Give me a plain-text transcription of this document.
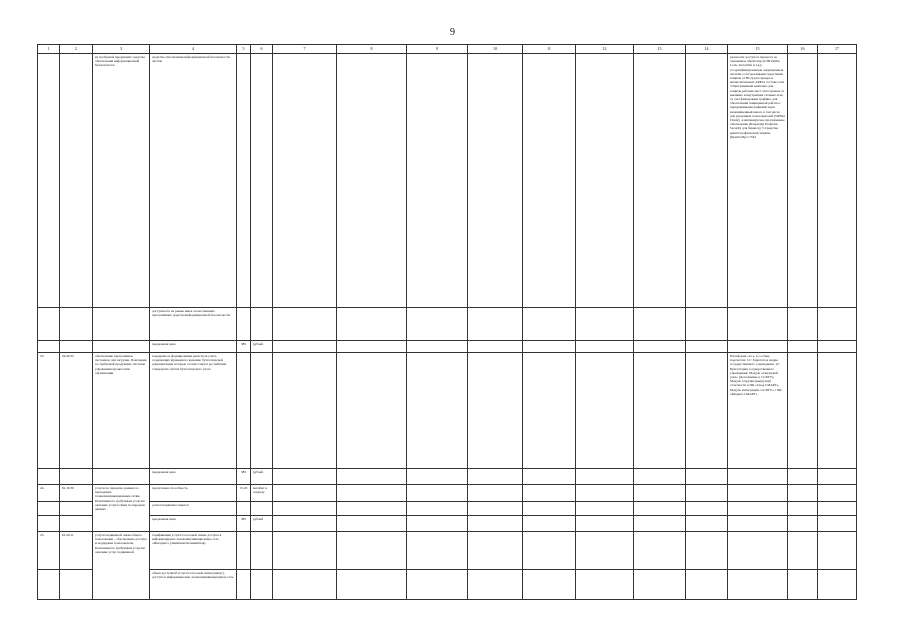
9
1	2	3	4	5	6	7	8	9	10	11	12	13	14	15	16	17
		из требуемой продукции: средства обеспечения информационной безопасности	средства обеспечения информационной безопасности систем											разовости доступа в процессе ее хранения и обработки (СЗИ Dallas Lock, SecretNet и т.д.); 2.Сертифицированная операционная система со встроенными средствами защиты от НСД для сервера и вычислительных АРМ в составе сети 3.Программный комплекс для защиты рабочих мест аттестуемых от внешних и внутренних сетевых атак за счет фильтрации трафика, для обеспечения защищенной работы с передаваемыми данными через незащищенный канал, в том числе для удаленных пользователей (ViPNet Client); 4.Антивирусное программное обеспечение (Kaspersky Endpoint Security для бизнеса); 5.Средства криптографической защиты (КриптоПро CSP)		
			доступность на рынке иных отечественных программных средств информационной безопасности													
			предельная цена	385	рублей											
23.	04.29.32	обеспечение программное системное для загрузки. Пояснения по требуемой продукции: системы управления процессами организации	поддержка и формирование регистров учета, содержащих функции по ведению бухгалтерской документации, которые соответствуют российским стандартам систем бухгалтерского учета											Платформа «1С», в составе подсистем: 1С: Зарплата и кадры государственного учреждения, 1С: Бухгалтерия государственного учреждения, Модуль «Складской учет» (Дополнение к 1С:БГУ), Модуль загрузки (выгрузки) отчетности в ПК «Свод-СМАРТ», Модуль интеграции «1С:БГУ» с ПК «Бюджет-СМАРТ»		
			предельная цена	383	рублей											
24.	61.10.30	услуги по передаче данных по проводным телекоммуникационным сетям. Пояснения по требуемым услугам: оказание услуги связи по передаче данных	пропускная способность	15.45	мегабит в секунду											
			доля потерянных пакетов													
			предельная цена	385	рублей											
25.	61.20.11	услуги подвижной связи общего пользования – обеспечение доступа и поддержка пользователя. Пояснения по требуемым услугам: оказание услуг подвижной	тарификация услуги голосовой связи, доступа в информационно-телекоммуникационную сеть «Интернет» (лимитная/безлимитная)													
			объем доступной услуги голосовой связи (минут), доступа в информационно-телекоммуникационную сеть													
